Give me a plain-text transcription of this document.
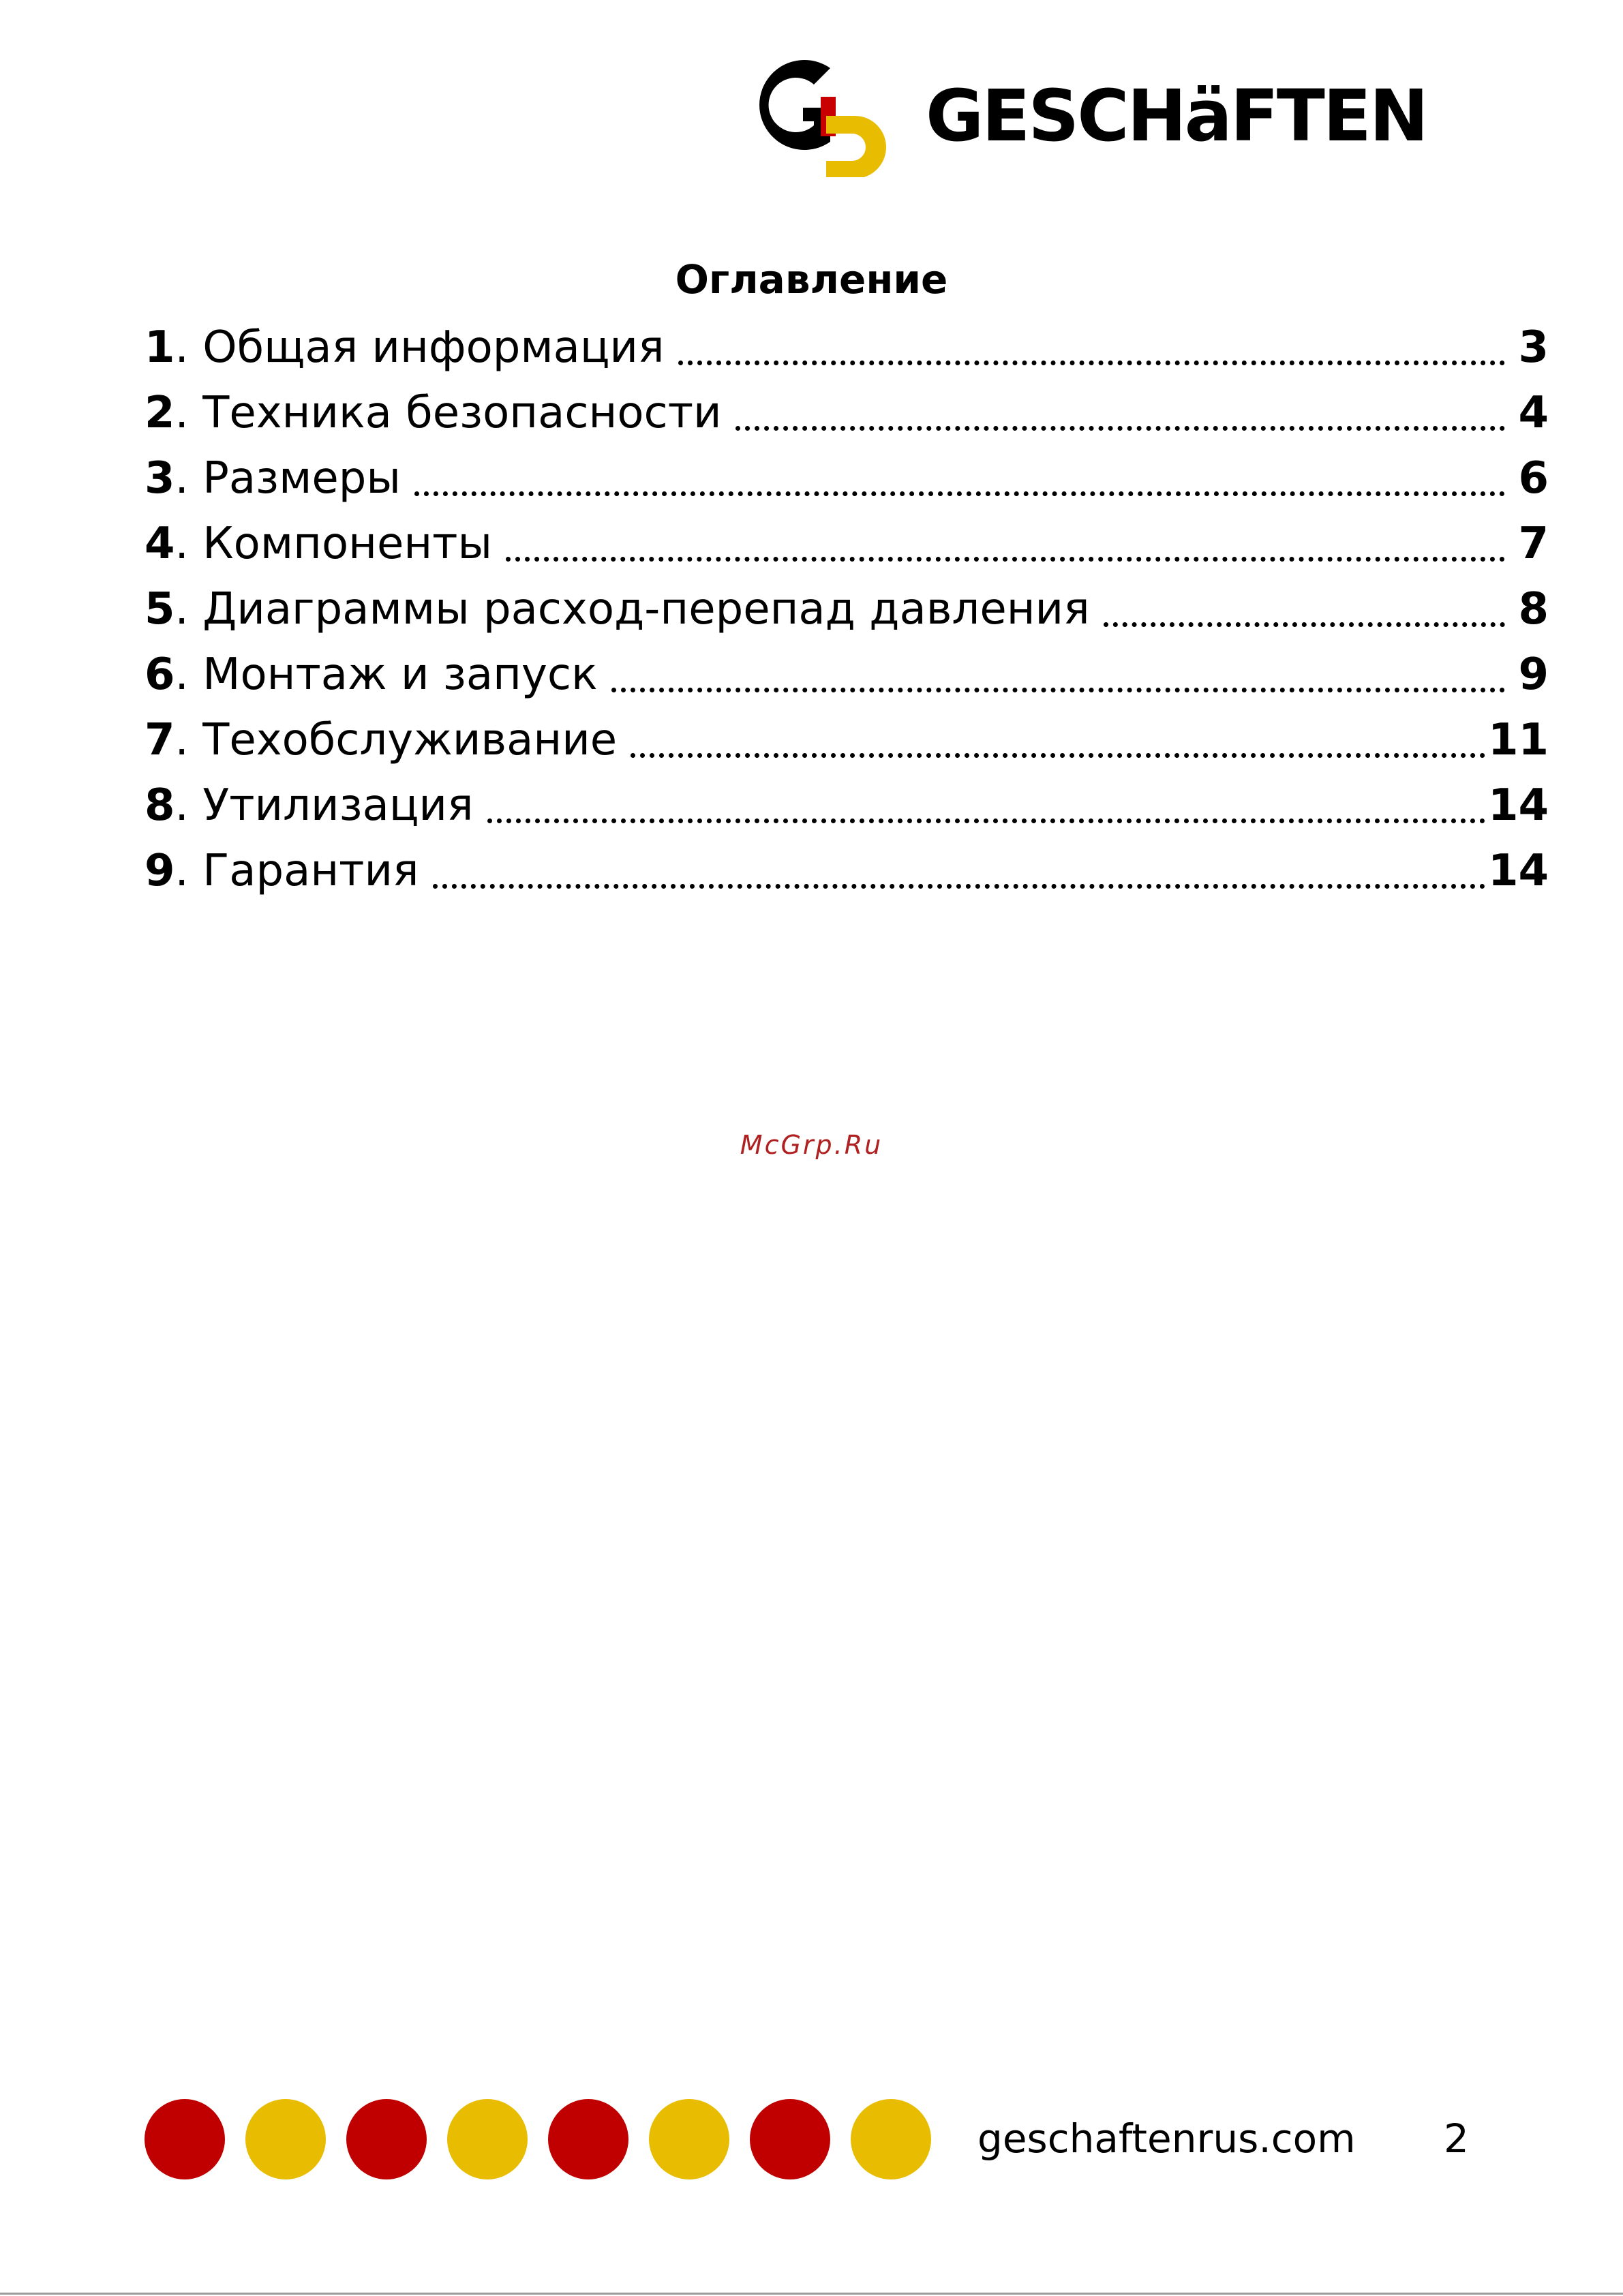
GESCHäFTEN
Оглавление
1 . Общая информация	3
2 . Техника безопасности	4
3 . Размеры	6
4 . Компоненты	7
5 . Диаграммы расход-перепад давления	8
6 . Монтаж и запуск	9
7 . Техобслуживание	11
8 . Утилизация	14
9 . Гарантия	14
McGrp.Ru
geschaftenrus.com 2
